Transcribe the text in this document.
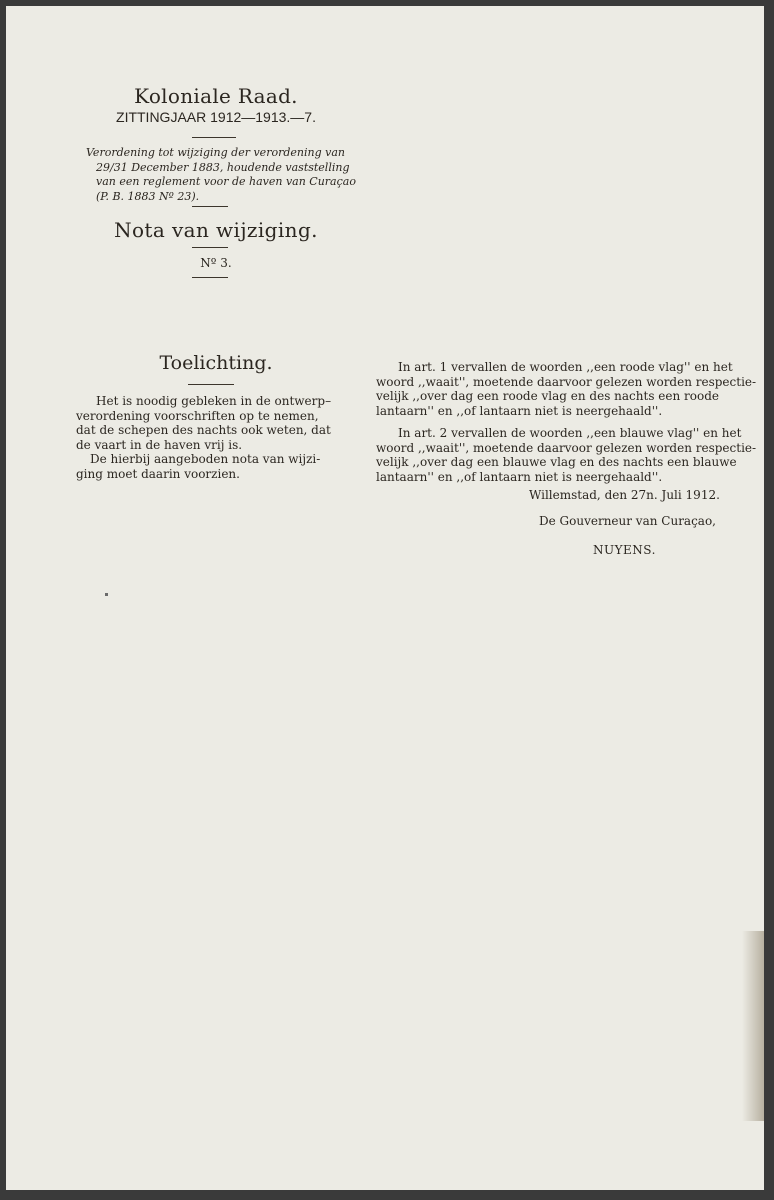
Koloniale Raad.
ZITTINGJAAR 1912—1913.—7.
Verordening tot wijziging der verordening van
29/31 December 1883, houdende vaststelling
van een reglement voor de haven van Curaçao
(P. B. 1883 Nº 23).
Nota van wijziging.
Nº 3.
Toelichting.
Het is noodig gebleken in de ontwerp–
verordening voorschriften op te nemen,
dat de schepen des nachts ook weten, dat
de vaart in de haven vrij is.
De hierbij aangeboden nota van wijzi-
ging moet daarin voorzien.
In art. 1 vervallen de woorden ,,een roode vlag'' en het
woord ,,waait'', moetende daarvoor gelezen worden respectie-
velijk ,,over dag een roode vlag en des nachts een roode
lantaarn'' en ,,of lantaarn niet is neergehaald''.
In art. 2 vervallen de woorden ,,een blauwe vlag'' en het
woord ,,waait'', moetende daarvoor gelezen worden respectie-
velijk ,,over dag een blauwe vlag en des nachts een blauwe
lantaarn'' en ,,of lantaarn niet is neergehaald''.
Willemstad, den 27n. Juli 1912.
De Gouverneur van Curaçao,
NUYENS.
